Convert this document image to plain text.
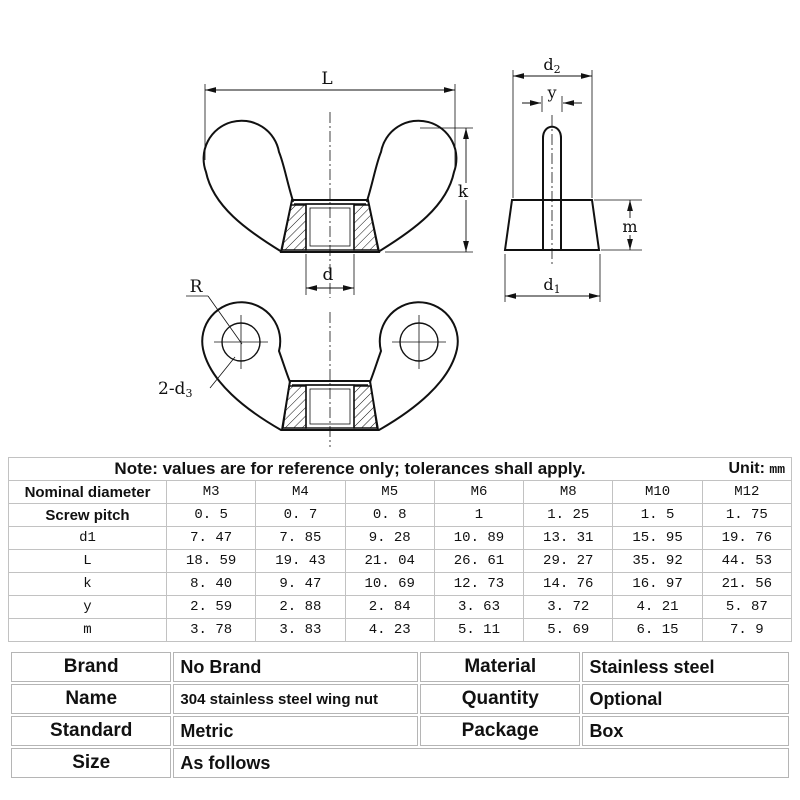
L
k
d
d2
y
m
d1
R
2-d3
Note: values are for reference only; tolerances shall apply. Unit: mm							

Nominal diameter	M3	M4	M5	M6	M8	M10	M12
Screw pitch	0. 5	0. 7	0. 8	1	1. 25	1. 5	1. 75
d1	7. 47	7. 85	9. 28	10. 89	13. 31	15. 95	19. 76
L	18. 59	19. 43	21. 04	26. 61	29. 27	35. 92	44. 53
k	8. 40	9. 47	10. 69	12. 73	14. 76	16. 97	21. 56
y	2. 59	2. 88	2. 84	3. 63	3. 72	4. 21	5. 87
m	3. 78	3. 83	4. 23	5. 11	5. 69	6. 15	7. 9
Brand	No Brand	Material	Stainless steel
Name	304 stainless steel wing nut	Quantity	Optional
Standard	Metric	Package	Box
Size	As follows		
